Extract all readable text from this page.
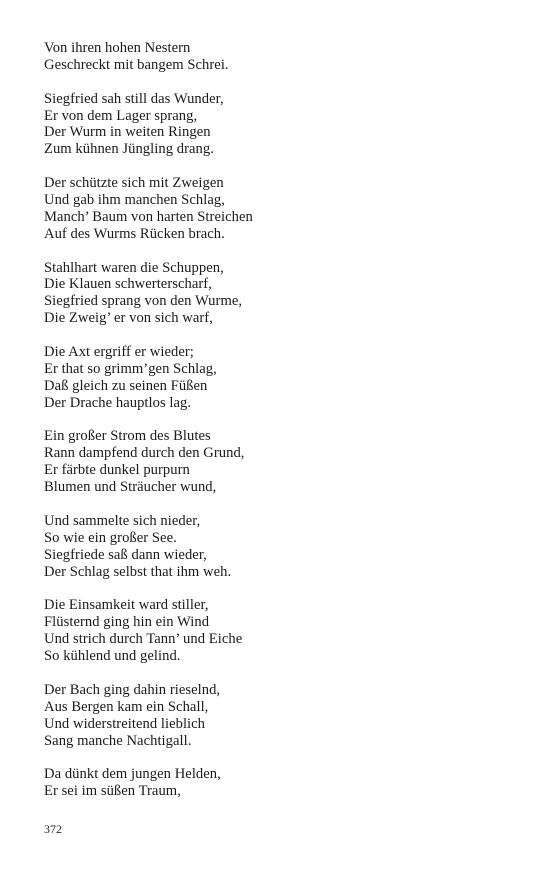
Von ihren hohen Nestern
Geschreckt mit bangem Schrei.
Siegfried sah still das Wunder,
Er von dem Lager sprang,
Der Wurm in weiten Ringen
Zum kühnen Jüngling drang.
Der schützte sich mit Zweigen
Und gab ihm manchen Schlag,
Manch’ Baum von harten Streichen
Auf des Wurms Rücken brach.
Stahlhart waren die Schuppen,
Die Klauen schwerterscharf,
Siegfried sprang von den Wurme,
Die Zweig’ er von sich warf,
Die Axt ergriff er wieder;
Er that so grimm’gen Schlag,
Daß gleich zu seinen Füßen
Der Drache hauptlos lag.
Ein großer Strom des Blutes
Rann dampfend durch den Grund,
Er färbte dunkel purpurn
Blumen und Sträucher wund,
Und sammelte sich nieder,
So wie ein großer See.
Siegfriede saß dann wieder,
Der Schlag selbst that ihm weh.
Die Einsamkeit ward stiller,
Flüsternd ging hin ein Wind
Und strich durch Tann’ und Eiche
So kühlend und gelind.
Der Bach ging dahin rieselnd,
Aus Bergen kam ein Schall,
Und widerstreitend lieblich
Sang manche Nachtigall.
Da dünkt dem jungen Helden,
Er sei im süßen Traum,
372
